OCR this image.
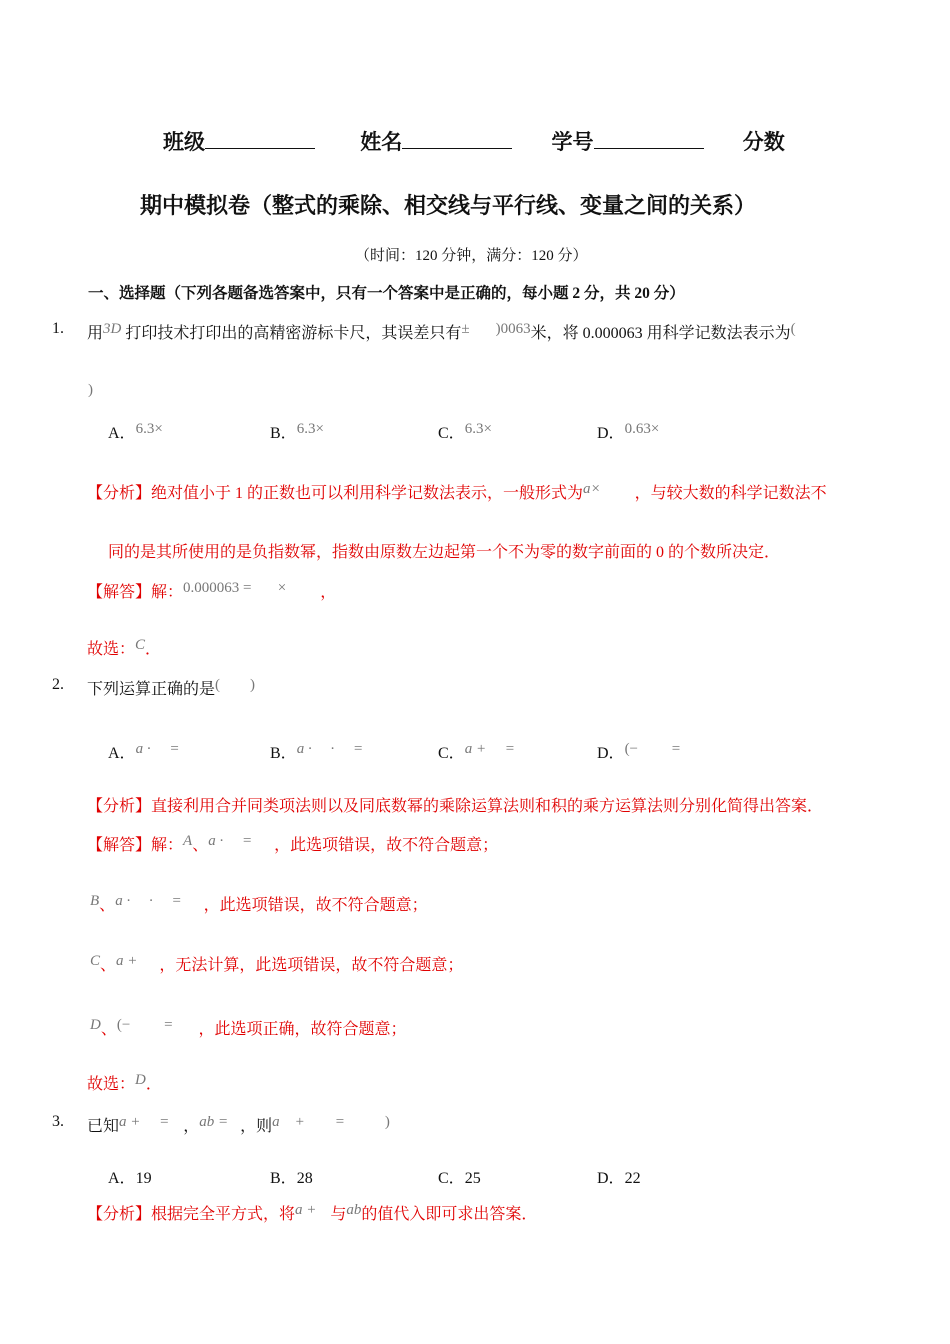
班级	姓名	学号	分数
期中模拟卷（整式的乘除、相交线与平行线、变量之间的关系）
（时间：120 分钟，满分：120 分）
一、选择题（下列各题备选答案中，只有一个答案中是正确的，每小题 2 分，共 20 分）
1. 用3D 打印技术打印出的高精密游标卡尺，其误差只有± )0063米，将 0.000063 用科学记数法表示为(
)
A．6.3×	B．6.3×	C．6.3×	D．0.63×
【分析】绝对值小于 1 的正数也可以利用科学记数法表示，一般形式为a× ，与较大数的科学记数法不
同的是其所使用的是负指数幂，指数由原数左边起第一个不为零的数字前面的 0 的个数所决定．
【解答】解：0.000063 =       × ，
故选：C．
2. 下列运算正确的是(　　)
A．a ·　 =	B．a ·　 ·　 =	C．a +　 =	D．(−　　 =
【分析】直接利用合并同类项法则以及同底数幂的乘除运算法则和积的乘方运算法则分别化简得出答案．
【解答】解：A、a ·　 = ，此选项错误，故不符合题意；
B、a ·　 ·　 = ，此选项错误，故不符合题意；
C、a + ，无法计算，此选项错误，故不符合题意；
D、(−　　 = ，此选项正确，故符合题意；
故选：D．
3. 已知a +　 = ，ab = ，则a　+　　=	)
A．19	B．28	C．25	D．22
【分析】根据完全平方式，将a + 与ab的值代入即可求出答案．
